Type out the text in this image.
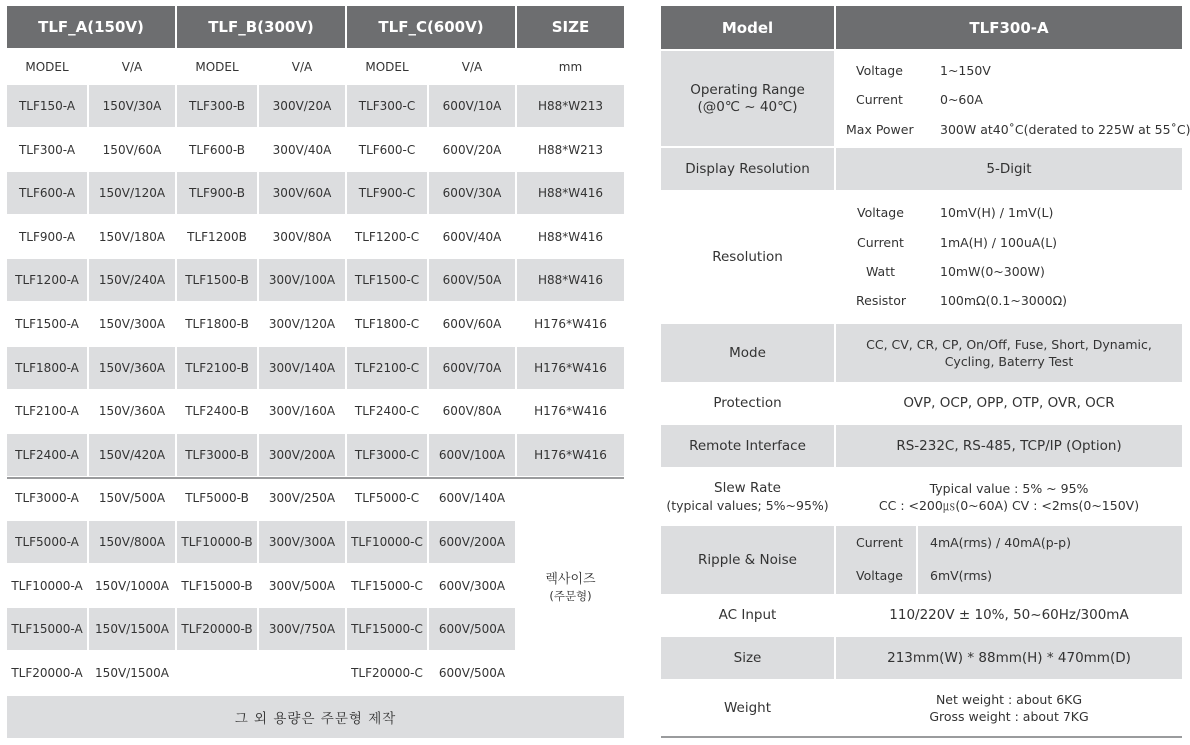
TLF_A(150V)	TLF_B(300V)	TLF_C(600V)	SIZE
MODEL	V/A	MODEL	V/A	MODEL	V/A	mm
TLF150-A	150V/30A	TLF300-B	300V/20A	TLF300-C	600V/10A	H88*W213
TLF300-A	150V/60A	TLF600-B	300V/40A	TLF600-C	600V/20A	H88*W213
TLF600-A	150V/120A	TLF900-B	300V/60A	TLF900-C	600V/30A	H88*W416
TLF900-A	150V/180A	TLF1200B	300V/80A	TLF1200-C	600V/40A	H88*W416
TLF1200-A	150V/240A	TLF1500-B	300V/100A	TLF1500-C	600V/50A	H88*W416
TLF1500-A	150V/300A	TLF1800-B	300V/120A	TLF1800-C	600V/60A	H176*W416
TLF1800-A	150V/360A	TLF2100-B	300V/140A	TLF2100-C	600V/70A	H176*W416
TLF2100-A	150V/360A	TLF2400-B	300V/160A	TLF2400-C	600V/80A	H176*W416
TLF2400-A	150V/420A	TLF3000-B	300V/200A	TLF3000-C	600V/100A	H176*W416
TLF3000-A	150V/500A	TLF5000-B	300V/250A	TLF5000-C	600V/140A
TLF5000-A	150V/800A	TLF10000-B	300V/300A	TLF10000-C	600V/200A
TLF10000-A	150V/1000A	TLF15000-B	300V/500A	TLF15000-C	600V/300A
TLF15000-A	150V/1500A	TLF20000-B	300V/750A	TLF15000-C	600V/500A
TLF20000-A	150V/1500A	TLF20000-C	600V/500A
렉사이즈
(주문형)
그 외 용량은 주문형 제작
Model	TLF300-A
Operating Range
(@0℃ ~ 40℃)
Voltage	1~150V
Current	0~60A
Max Power 300W at40˚C(derated to 225W at 55˚C)
Display Resolution	5-Digit
Resolution
Voltage	10mV(H) / 1mV(L)
Current	1mA(H) / 100uA(L)
Watt	10mW(0~300W)
Resistor	100mΩ(0.1~3000Ω)
Mode	CC, CV, CR, CP, On/Off, Fuse, Short, Dynamic,
Cycling, Baterry Test
Protection	OVP, OCP, OPP, OTP, OVR, OCR
Remote Interface	RS-232C, RS-485, TCP/IP (Option)
Slew Rate
(typical values; 5%~95%)
Typical value : 5% ~ 95%
CC : <200㎲(0~60A) CV : <2ms(0~150V)
Ripple & Noise
Current 4mA(rms) / 40mA(p-p)
Voltage 6mV(rms)
AC Input	110/220V ± 10%, 50~60Hz/300mA
Size	213mm(W) * 88mm(H) * 470mm(D)
Weight	Net weight : about 6KG
Gross weight : about 7KG
